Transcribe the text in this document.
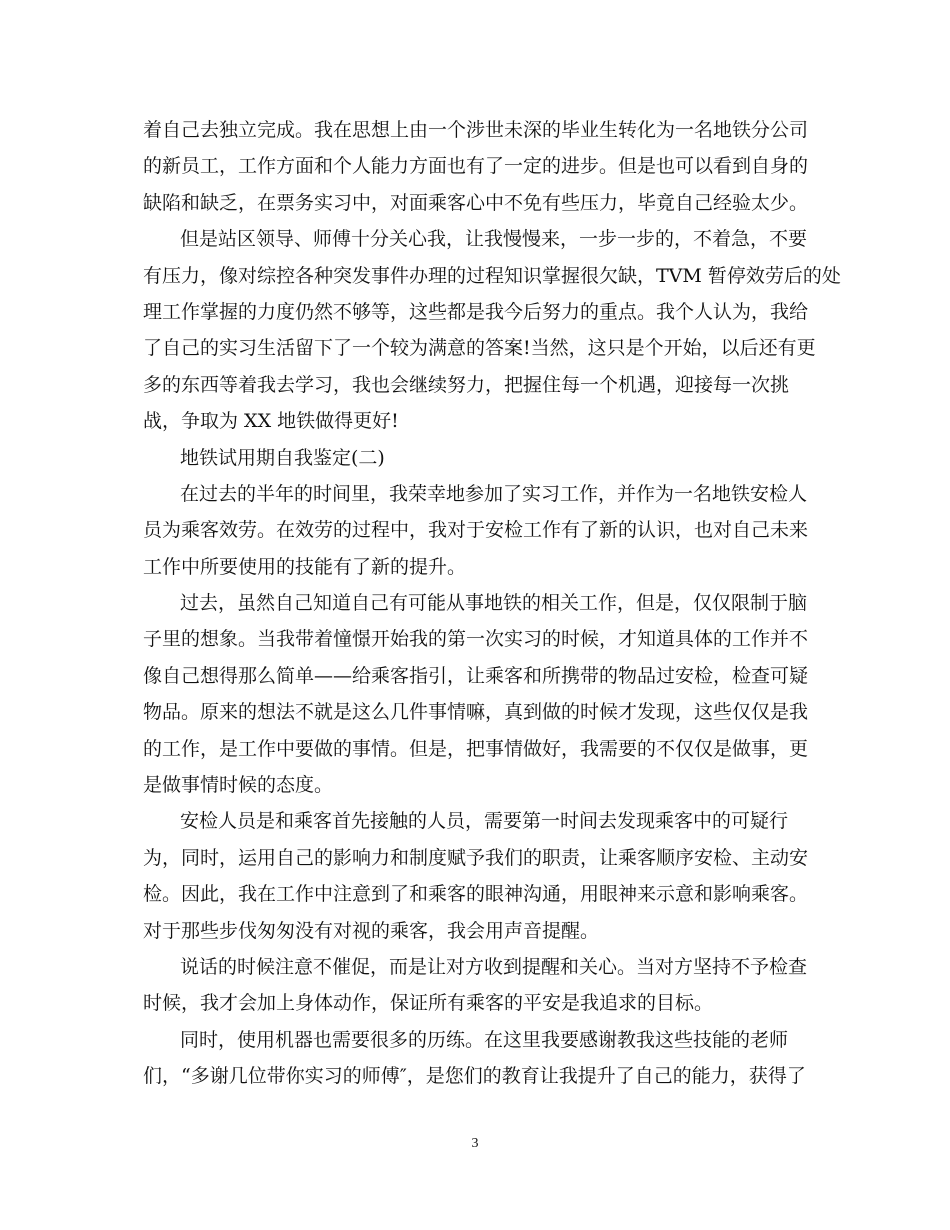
着自己去独立完成。我在思想上由一个涉世未深的毕业生转化为一名地铁分公司
的新员工，工作方面和个人能力方面也有了一定的进步。但是也可以看到自身的
缺陷和缺乏，在票务实习中，对面乘客心中不免有些压力，毕竟自己经验太少。
但是站区领导、师傅十分关心我，让我慢慢来，一步一步的，不着急，不要
有压力，像对综控各种突发事件办理的过程知识掌握很欠缺，TVM 暂停效劳后的处
理工作掌握的力度仍然不够等，这些都是我今后努力的重点。我个人认为，我给
了自己的实习生活留下了一个较为满意的答案!当然，这只是个开始，以后还有更
多的东西等着我去学习，我也会继续努力，把握住每一个机遇，迎接每一次挑
战，争取为 XX 地铁做得更好!
地铁试用期自我鉴定(二)
在过去的半年的时间里，我荣幸地参加了实习工作，并作为一名地铁安检人
员为乘客效劳。在效劳的过程中，我对于安检工作有了新的认识，也对自己未来
工作中所要使用的技能有了新的提升。
过去，虽然自己知道自己有可能从事地铁的相关工作，但是，仅仅限制于脑
子里的想象。当我带着憧憬开始我的第一次实习的时候，才知道具体的工作并不
像自己想得那么简单——给乘客指引，让乘客和所携带的物品过安检，检查可疑
物品。原来的想法不就是这么几件事情嘛，真到做的时候才发现，这些仅仅是我
的工作，是工作中要做的事情。但是，把事情做好，我需要的不仅仅是做事，更
是做事情时候的态度。
安检人员是和乘客首先接触的人员，需要第一时间去发现乘客中的可疑行
为，同时，运用自己的影响力和制度赋予我们的职责，让乘客顺序安检、主动安
检。因此，我在工作中注意到了和乘客的眼神沟通，用眼神来示意和影响乘客。
对于那些步伐匆匆没有对视的乘客，我会用声音提醒。
说话的时候注意不催促，而是让对方收到提醒和关心。当对方坚持不予检查
时候，我才会加上身体动作，保证所有乘客的平安是我追求的目标。
同时，使用机器也需要很多的历练。在这里我要感谢教我这些技能的老师
们，“多谢几位带你实习的师傅″，是您们的教育让我提升了自己的能力，获得了
3
